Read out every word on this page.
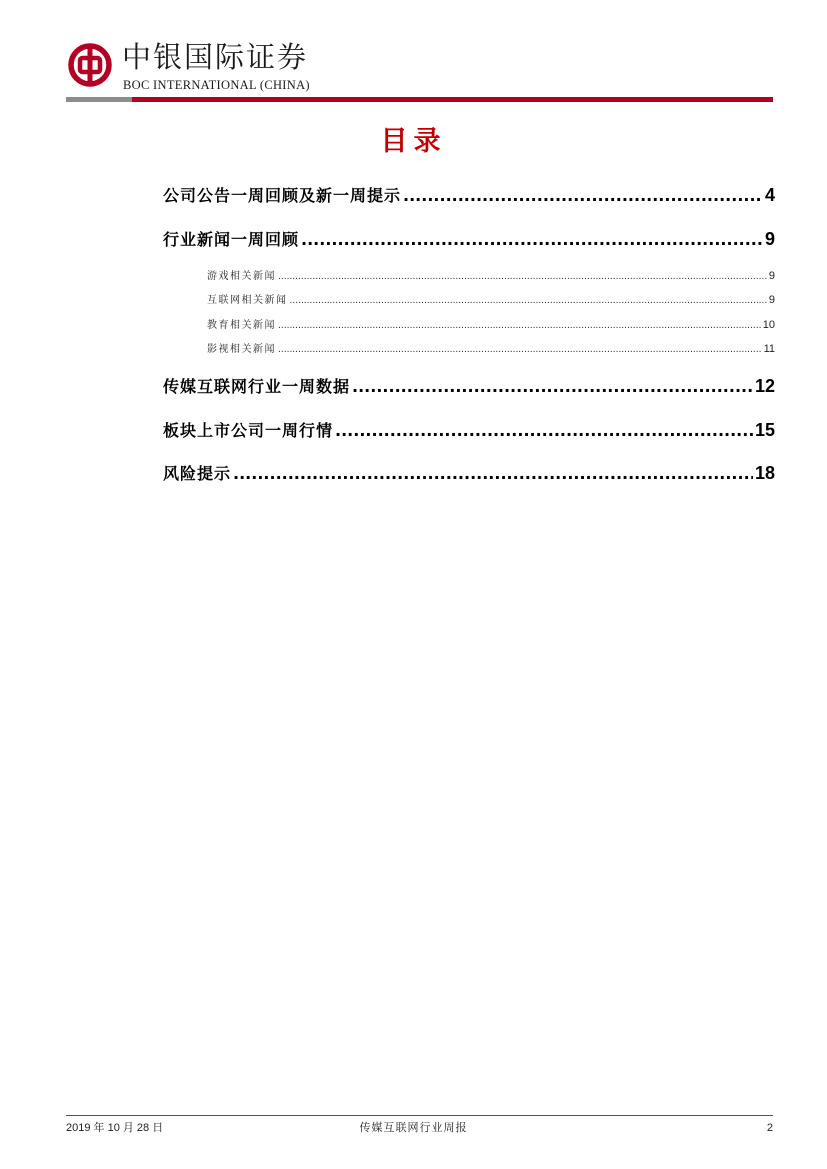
中银国际证券
BOC INTERNATIONAL (CHINA)
目录
公司公告一周回顾及新一周提示 .....	4
行业新闻一周回顾 .....	9
游戏相关新闻 .....	9
互联网相关新闻 .....	9
教育相关新闻 .....	10
影视相关新闻 .....	11
传媒互联网行业一周数据 .....	12
板块上市公司一周行情 .....	15
风险提示 .....	18
2019 年 10 月 28 日	传媒互联网行业周报	2
